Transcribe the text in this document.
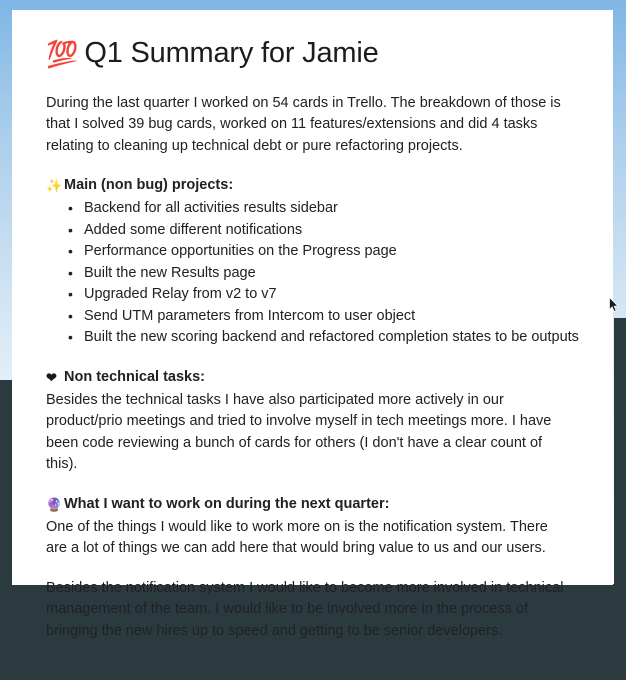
💯 Q1 Summary for Jamie

During the last quarter I worked on 54 cards in Trello. The breakdown of those is that I solved 39 bug cards, worked on 11 features/extensions and did 4 tasks relating to cleaning up technical debt or pure refactoring projects.

✨ Main (non bug) projects:
• Backend for all activities results sidebar
• Added some different notifications
• Performance opportunities on the Progress page
• Built the new Results page
• Upgraded Relay from v2 to v7
• Send UTM parameters from Intercom to user object
• Built the new scoring backend and refactored completion states to be outputs
❤ Non technical tasks:

Besides the technical tasks I have also participated more actively in our product/prio meetings and tried to involve myself in tech meetings more. I have been code reviewing a bunch of cards for others (I don't have a clear count of this).

🔮 What I want to work on during the next quarter:

One of the things I would like to work more on is the notification system. There are a lot of things we can add here that would bring value to us and our users.

Besides the notification system I would like to become more involved in technical management of the team. I would like to be involved more in the process of bringing the new hires up to speed and getting to be senior developers.
